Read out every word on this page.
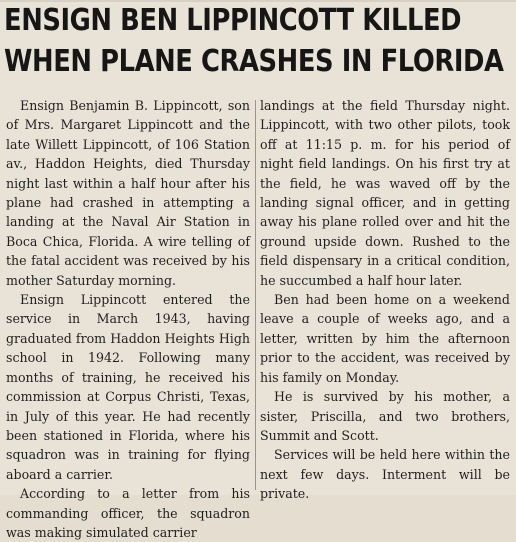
ENSIGN BEN LIPPINCOTT KILLED
WHEN PLANE CRASHES IN FLORIDA

Ensign Benjamin B. Lippincott, son of Mrs. Margaret Lippincott and the late Willett Lippincott, of 106 Station av., Haddon Heights, died Thursday night last within a half hour after his plane had crashed in attempting a landing at the Naval Air Station in Boca Chica, Florida. A wire telling of the fatal accident was received by his mother Saturday morning.

Ensign Lippincott entered the service in March 1943, having graduated from Haddon Heights High school in 1942. Following many months of training, he received his commission at Corpus Christi, Texas, in July of this year. He had recently been stationed in Florida, where his squadron was in training for flying aboard a carrier.

According to a letter from his commanding officer, the squadron was making simulated carrier

landings at the field Thursday night. Lippincott, with two other pilots, took off at 11:15 p. m. for his period of night field landings. On his first try at the field, he was waved off by the landing signal officer, and in getting away his plane rolled over and hit the ground upside down. Rushed to the field dispensary in a critical condition, he succumbed a half hour later.

Ben had been home on a weekend leave a couple of weeks ago, and a letter, written by him the afternoon prior to the accident, was received by his family on Monday.

He is survived by his mother, a sister, Priscilla, and two brothers, Summit and Scott.

Services will be held here within the next few days. Interment will be private.
